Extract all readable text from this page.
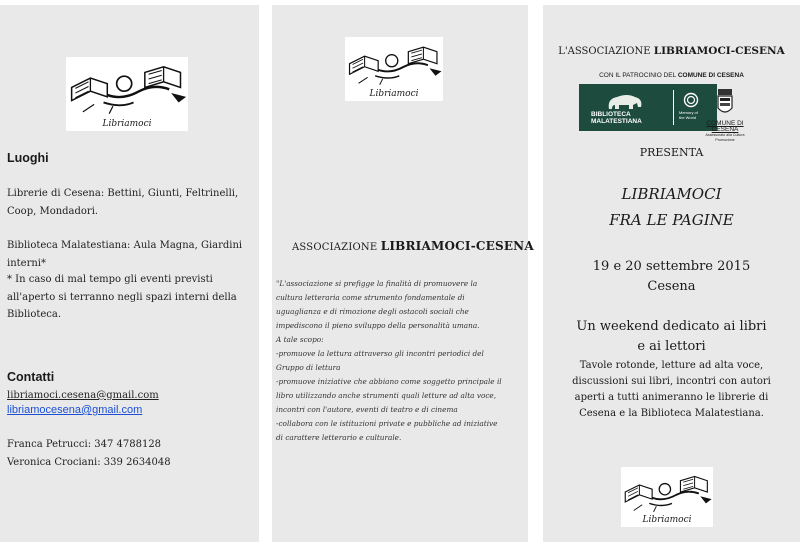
Libriamoci
Luoghi
Librerie di Cesena: Bettini, Giunti, Feltrinelli,
Coop, Mondadori.
Biblioteca Malatestiana: Aula Magna, Giardini
interni*
* In caso di mal tempo gli eventi previsti
all'aperto si terranno negli spazi interni della
Biblioteca.
Contatti
libriamoci.cesena@gmail.com
libriamocesena@gmail.com
Franca Petrucci: 347 4788128
Veronica Crociani: 339 2634048
Libriamoci
ASSOCIAZIONE LIBRIAMOCI-CESENA
"L'associazione si prefigge la finalità di promuovere la
cultura letteraria come strumento fondamentale di
uguaglianza e di rimozione degli ostacoli sociali che
impediscono il pieno sviluppo della personalità umana.
A tale scopo:
-promuove la lettura attraverso gli incontri periodici del
Gruppo di lettura
-promuove iniziative che abbiano come soggetto principale il
libro utilizzando anche strumenti quali letture ad alta voce,
incontri con l'autore, eventi di teatro e di cinema
-collabora con le istituzioni private e pubbliche ad iniziative
di carattere letterario e culturale.
L'ASSOCIAZIONE LIBRIAMOCI-CESENA
CON IL PATROCINIO DEL COMUNE DI CESENA
BIBLIOTECA
MALATESTIANA
Memory of
the World
COMUNE DI CESENA
Assessorato alla Cultura Promozione
PRESENTA
LIBRIAMOCI
FRA LE PAGINE
19 e 20 settembre 2015
Cesena
Un weekend dedicato ai libri
e ai lettori
Tavole rotonde, letture ad alta voce,
discussioni sui libri, incontri con autori
aperti a tutti animeranno le librerie di
Cesena e la Biblioteca Malatestiana.
Libriamoci
